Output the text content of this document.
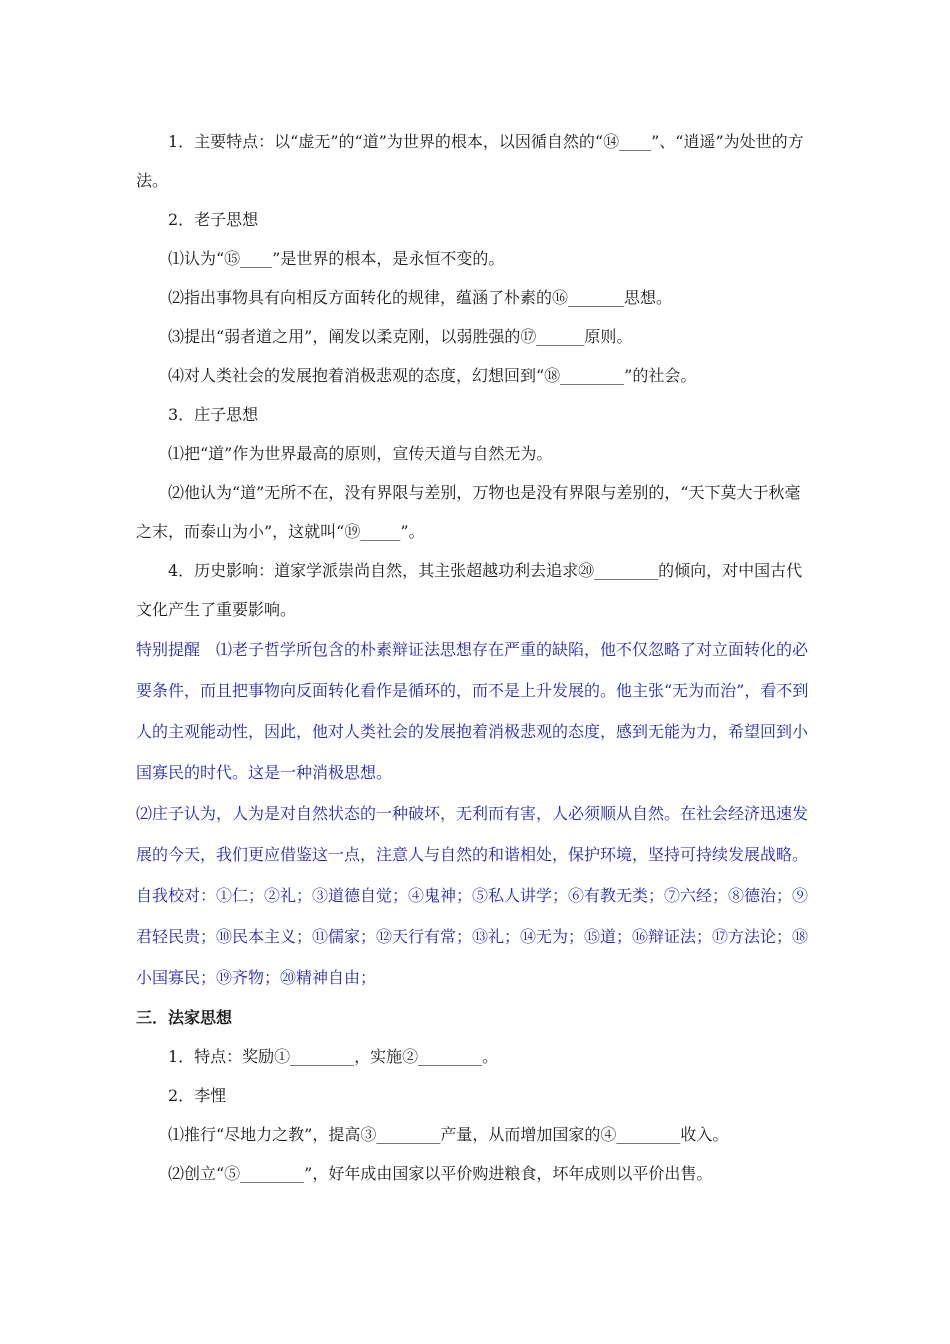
1．主要特点：以“虚无”的“道”为世界的根本，以因循自然的“⑭____”、“逍遥”为处世的方法。

2．老子思想

⑴认为“⑮____”是世界的根本，是永恒不变的。

⑵指出事物具有向相反方面转化的规律，蕴涵了朴素的⑯_______思想。

⑶提出“弱者道之用”，阐发以柔克刚，以弱胜强的⑰______原则。

⑷对人类社会的发展抱着消极悲观的态度，幻想回到“⑱________”的社会。

3．庄子思想

⑴把“道”作为世界最高的原则，宣传天道与自然无为。

⑵他认为“道”无所不在，没有界限与差别，万物也是没有界限与差别的，“天下莫大于秋毫之末，而泰山为小”，这就叫“⑲_____”。

4．历史影响：道家学派崇尚自然，其主张超越功利去追求⑳________的倾向，对中国古代文化产生了重要影响。

特别提醒　⑴老子哲学所包含的朴素辩证法思想存在严重的缺陷，他不仅忽略了对立面转化的必要条件，而且把事物向反面转化看作是循环的，而不是上升发展的。他主张“无为而治”，看不到人的主观能动性，因此，他对人类社会的发展抱着消极悲观的态度，感到无能为力，希望回到小国寡民的时代。这是一种消极思想。

⑵庄子认为，人为是对自然状态的一种破坏，无利而有害，人必须顺从自然。在社会经济迅速发展的今天，我们更应借鉴这一点，注意人与自然的和谐相处，保护环境，坚持可持续发展战略。

自我校对：①仁；②礼；③道德自觉；④鬼神；⑤私人讲学；⑥有教无类；⑦六经；⑧德治；⑨君轻民贵；⑩民本主义；⑪儒家；⑫天行有常；⑬礼；⑭无为；⑮道；⑯辩证法；⑰方法论；⑱小国寡民；⑲齐物；⑳精神自由；

三．法家思想

1．特点：奖励①________，实施②________。

2．李悝

⑴推行“尽地力之教”，提高③________产量，从而增加国家的④________收入。

⑵创立“⑤________”，好年成由国家以平价购进粮食，坏年成则以平价出售。
